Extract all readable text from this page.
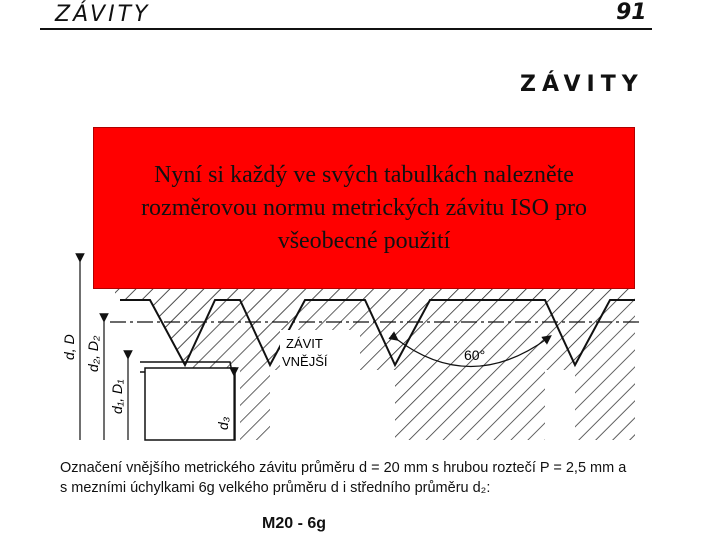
ZÁVITY	91
ZÁVITY
ZÁVIT
VNĚJŠÍ	60°
d, D d₂, D₂
d₁, D₁
d₃
Nyní si každý ve svých tabulkách nalezněte rozměrovou normu metrických závitu ISO pro všeobecné použití
Označení vnějšího metrického závitu průměru d = 20 mm s hrubou roztečí P = 2,5 mm a
s mezními úchylkami 6g velkého průměru d i středního průměru d₂:
M20 - 6g
